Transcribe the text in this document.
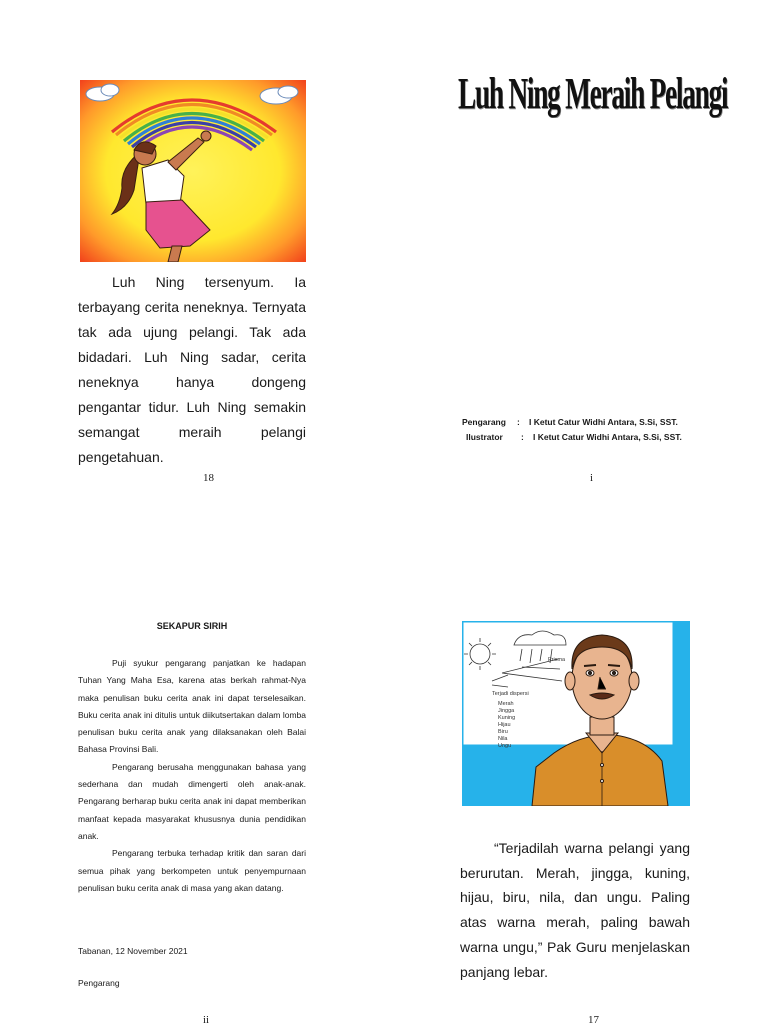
Luh Ning tersenyum. Ia terbayang cerita neneknya. Ternyata tak ada ujung pelangi. Tak ada bidadari. Luh Ning sadar, cerita neneknya hanya dongeng pengantar tidur. Luh Ning semakin semangat meraih pelangi pengetahuan.

18
Luh Ning Meraih Pelangi
Pengarang	:	I Ketut Catur Widhi Antara, S.Si, SST.
Ilustrator	:	I Ketut Catur Widhi Antara, S.Si, SST.
i
SEKAPUR SIRIH

Puji syukur pengarang panjatkan ke hadapan Tuhan Yang Maha Esa, karena atas berkah rahmat-Nya maka penulisan buku cerita anak ini dapat terselesaikan. Buku cerita anak ini ditulis untuk diikutsertakan dalam lomba penulisan buku cerita anak yang dilaksanakan oleh Balai Bahasa Provinsi Bali.

Pengarang berusaha menggunakan bahasa yang sederhana dan mudah dimengerti oleh anak-anak. Pengarang berharap buku cerita anak ini dapat memberikan manfaat kepada masyarakat khususnya dunia pendidikan anak.

Pengarang terbuka terhadap kritik dan saran dari semua pihak yang berkompeten untuk penyempurnaan penulisan buku cerita anak di masa yang akan datang.

Tabanan, 12 November 2021
Pengarang
ii
Terjadi dispersi
Prisma
Merah
Jingga
Kuning
Hijau
Biru
Nila
Ungu

“Terjadilah warna pelangi yang berurutan. Merah, jingga, kuning, hijau, biru, nila, dan ungu. Paling atas warna merah, paling bawah warna ungu,” Pak Guru menjelaskan panjang lebar.

17
